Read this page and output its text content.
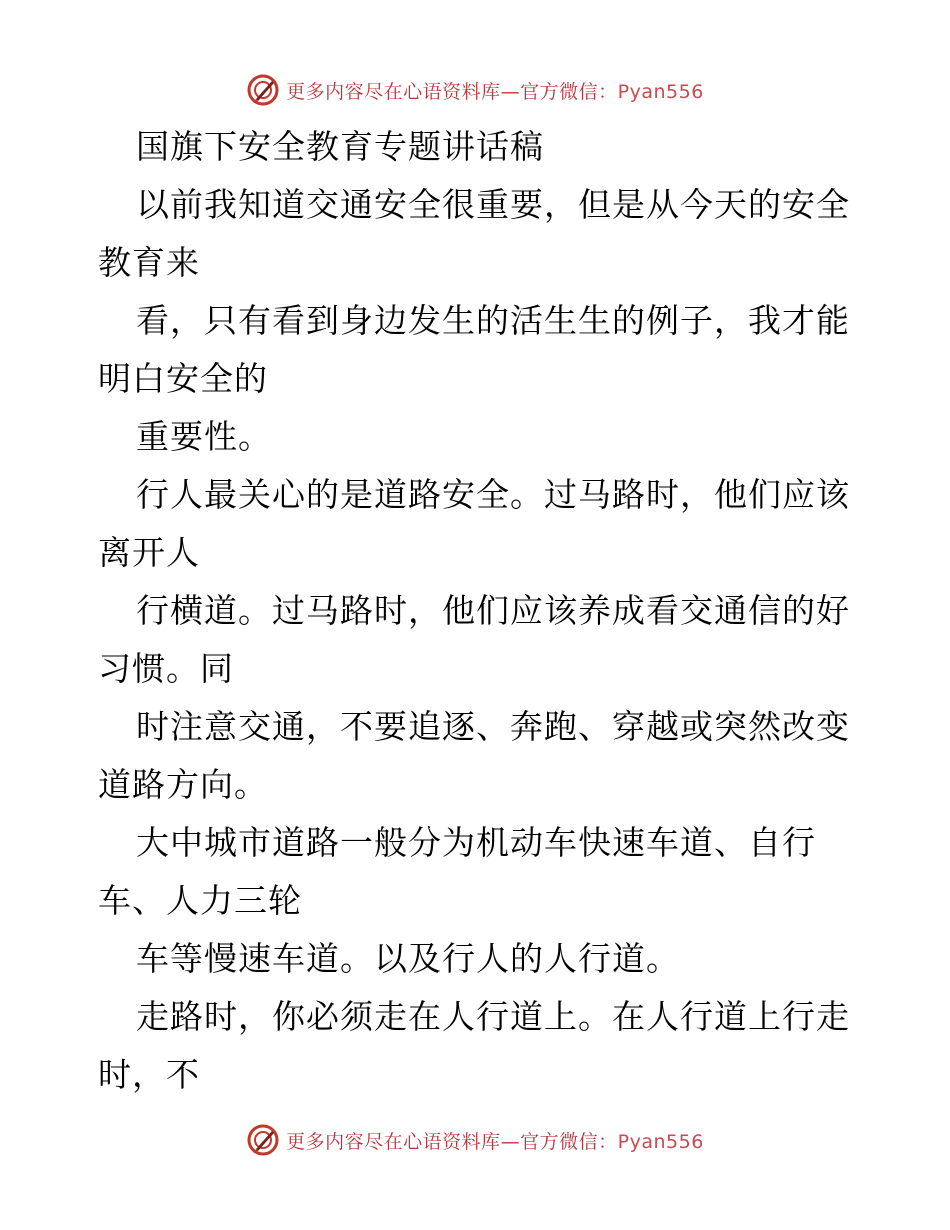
更多内容尽在心语资料库—官方微信：Pyan556
国旗下安全教育专题讲话稿
以前我知道交通安全很重要，但是从今天的安全
教育来
看，只有看到身边发生的活生生的例子，我才能
明白安全的
重要性。
行人最关心的是道路安全。过马路时，他们应该
离开人
行横道。过马路时，他们应该养成看交通信的好
习惯。同
时注意交通，不要追逐、奔跑、穿越或突然改变
道路方向。
大中城市道路一般分为机动车快速车道、自行
车、人力三轮
车等慢速车道。以及行人的人行道。
走路时，你必须走在人行道上。在人行道上行走
时，不
更多内容尽在心语资料库—官方微信：Pyan556
